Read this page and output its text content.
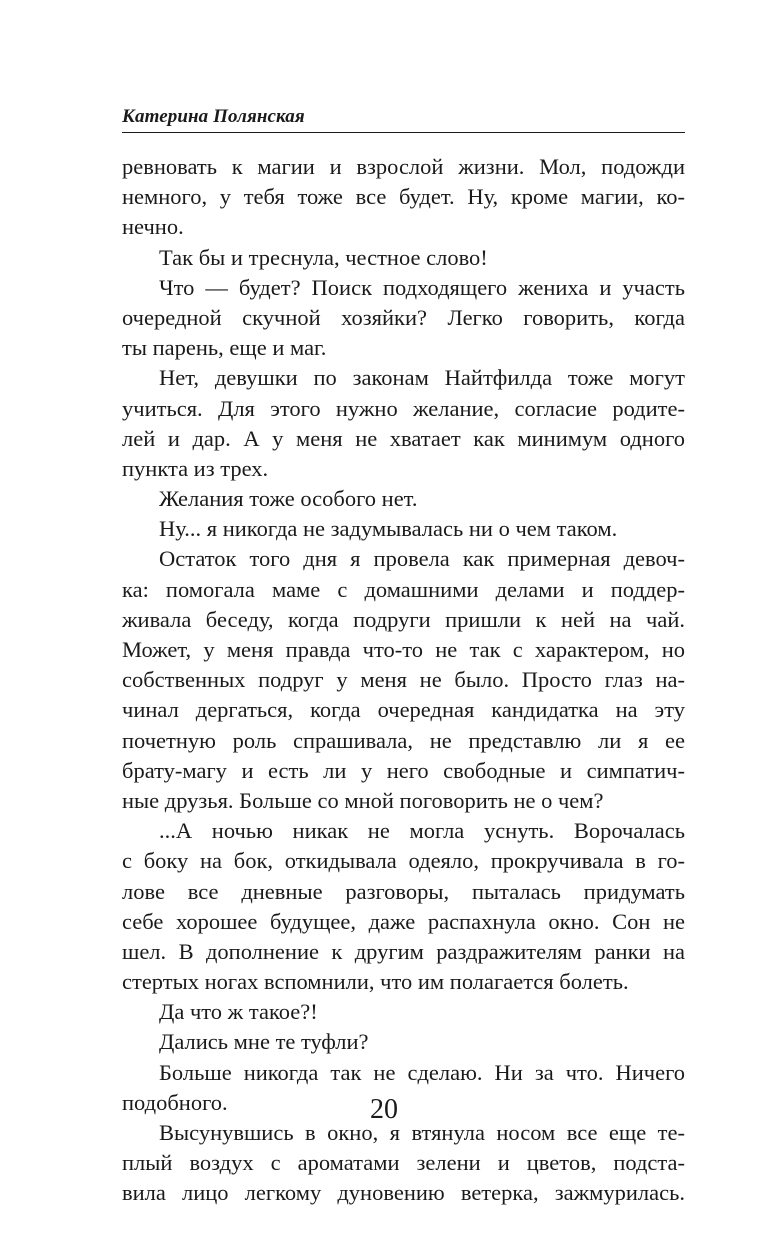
Катерина Полянская
ревновать к магии и взрослой жизни. Мол, подожди
немного, у тебя тоже все будет. Ну, кроме магии, ко-
нечно.
Так бы и треснула, честное слово!
Что — будет? Поиск подходящего жениха и участь
очередной скучной хозяйки? Легко говорить, когда
ты парень, еще и маг.
Нет, девушки по законам Найтфилда тоже могут
учиться. Для этого нужно желание, согласие родите-
лей и дар. А у меня не хватает как минимум одного
пункта из трех.
Желания тоже особого нет.
Ну... я никогда не задумывалась ни о чем таком.
Остаток того дня я провела как примерная девоч-
ка: помогала маме с домашними делами и поддер-
живала беседу, когда подруги пришли к ней на чай.
Может, у меня правда что-то не так с характером, но
собственных подруг у меня не было. Просто глаз на-
чинал дергаться, когда очередная кандидатка на эту
почетную роль спрашивала, не представлю ли я ее
брату-магу и есть ли у него свободные и симпатич-
ные друзья. Больше со мной поговорить не о чем?
...А ночью никак не могла уснуть. Ворочалась
с боку на бок, откидывала одеяло, прокручивала в го-
лове все дневные разговоры, пыталась придумать
себе хорошее будущее, даже распахнула окно. Сон не
шел. В дополнение к другим раздражителям ранки на
стертых ногах вспомнили, что им полагается болеть.
Да что ж такое?!
Дались мне те туфли?
Больше никогда так не сделаю. Ни за что. Ничего
подобного.
Высунувшись в окно, я втянула носом все еще те-
плый воздух с ароматами зелени и цветов, подста-
вила лицо легкому дуновению ветерка, зажмурилась.
20
